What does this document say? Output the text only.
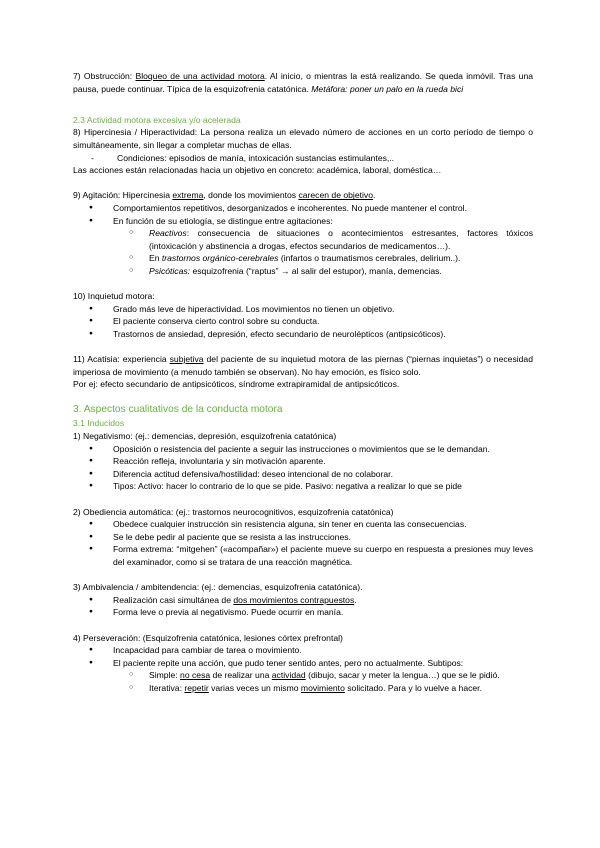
7) Obstrucción: Bloqueo de una actividad motora. Al inicio, o mientras la está realizando. Se queda inmóvil. Tras una pausa, puede continuar. Típica de la esquizofrenia catatónica. Metáfora: poner un palo en la rueda bici

2.3 Actividad motora excesiva y/o acelerada

8) Hipercinesia / Hiperactividad: La persona realiza un elevado número de acciones en un corto período de tiempo o simultáneamente, sin llegar a completar muchas de ellas.

- Condiciones: episodios de manía, intoxicación sustancias estimulantes,..

Las acciones están relacionadas hacia un objetivo en concreto: académica, laboral, doméstica…

9) Agitación: Hipercinesia extrema, donde los movimientos carecen de objetivo.

● Comportamientos repetitivos, desorganizados e incoherentes. No puede mantener el control.
● En función de su etiología, se distingue entre agitaciones:
○ Reactivos: consecuencia de situaciones o acontecimientos estresantes, factores tóxicos (intoxicación y abstinencia a drogas, efectos secundarios de medicamentos…).
○ En trastornos orgánico-cerebrales (infartos o traumatismos cerebrales, delirium..).
○ Psicóticas: esquizofrenia (“raptus” → al salir del estupor), manía, demencias.

10) Inquietud motora:

● Grado más leve de hiperactividad. Los movimientos no tienen un objetivo.
● El paciente conserva cierto control sobre su conducta.
● Trastornos de ansiedad, depresión, efecto secundario de neurolépticos (antipsicóticos).

11) Acatisia: experiencia subjetiva del paciente de su inquietud motora de las piernas (“piernas inquietas”) o necesidad imperiosa de movimiento (a menudo también se observan). No hay emoción, es físico solo.

Por ej: efecto secundario de antipsicóticos, síndrome extrapiramidal de antipsicóticos.

3. Aspectos cualitativos de la conducta motora

3.1 Inducidos

1) Negativismo: (ej.: demencias, depresión, esquizofrenia catatónica)

● Oposición o resistencia del paciente a seguir las instrucciones o movimientos que se le demandan.
● Reacción refleja, involuntaria y sin motivación aparente.
● Diferencia actitud defensiva/hostilidad: deseo intencional de no colaborar.
● Tipos: Activo: hacer lo contrario de lo que se pide. Pasivo: negativa a realizar lo que se pide

2) Obediencia automática: (ej.: trastornos neurocognitivos, esquizofrenia catatónica)

● Obedece cualquier instrucción sin resistencia alguna, sin tener en cuenta las consecuencias.
● Se le debe pedir al paciente que se resista a las instrucciones.
● Forma extrema: “mitgehen” («acompañar») el paciente mueve su cuerpo en respuesta a presiones muy leves del examinador, como si se tratara de una reacción magnética.

3) Ambivalencia / ambitendencia: (ej.: demencias, esquizofrenia catatónica).

● Realización casi simultánea de dos movimientos contrapuestos.
● Forma leve o previa al negativismo. Puede ocurrir en manía.

4) Perseveración: (Esquizofrenia catatónica, lesiones córtex prefrontal)

● Incapacidad para cambiar de tarea o movimiento.
● El paciente repite una acción, que pudo tener sentido antes, pero no actualmente. Subtipos:
○ Simple: no cesa de realizar una actividad (dibujo, sacar y meter la lengua…) que se le pidió.
○ Iterativa: repetir varias veces un mismo movimiento solicitado. Para y lo vuelve a hacer.
